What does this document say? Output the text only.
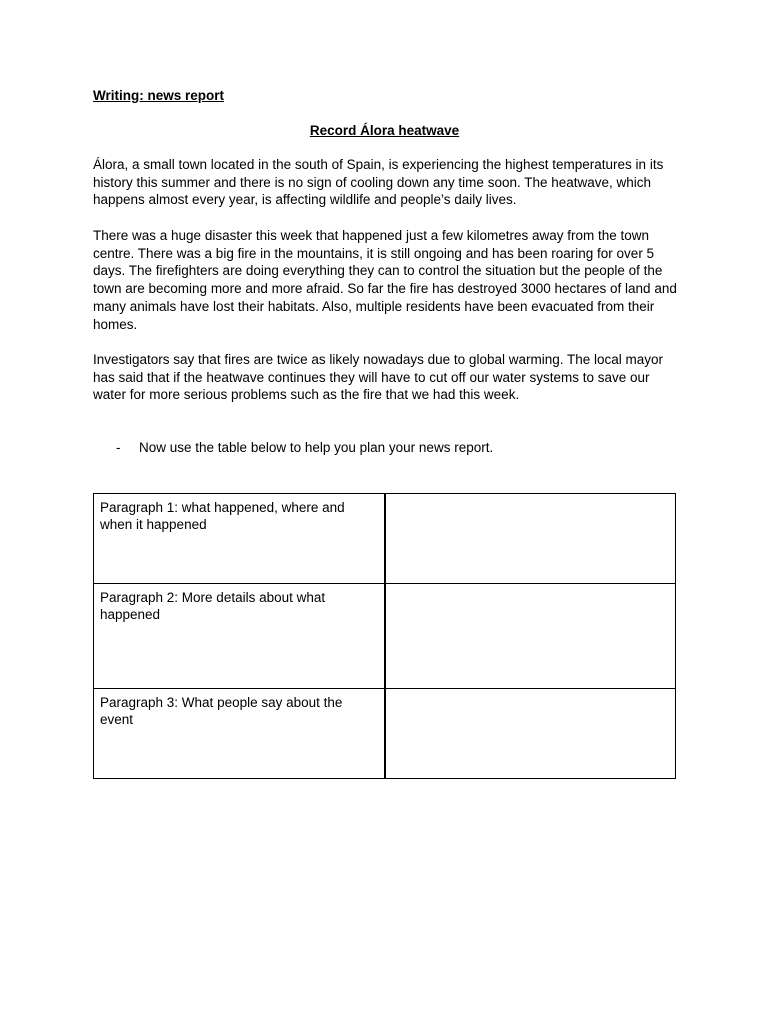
Writing: news report

Record Álora heatwave

Álora, a small town located in the south of Spain, is experiencing the highest temperatures in its history this summer and there is no sign of cooling down any time soon. The heatwave, which happens almost every year, is affecting wildlife and people’s daily lives.

There was a huge disaster this week that happened just a few kilometres away from the town centre. There was a big fire in the mountains, it is still ongoing and has been roaring for over 5 days. The firefighters are doing everything they can to control the situation but the people of the town are becoming more and more afraid. So far the fire has destroyed 3000 hectares of land and many animals have lost their habitats. Also, multiple residents have been evacuated from their homes.

Investigators say that fires are twice as likely nowadays due to global warming. The local mayor has said that if the heatwave continues they will have to cut off our water systems to save our water for more serious problems such as the fire that we had this week.

-	Now use the table below to help you plan your news report.
Paragraph 1: what happened, where and when it happened	
Paragraph 2: More details about what happened	
Paragraph 3: What people say about the event	
